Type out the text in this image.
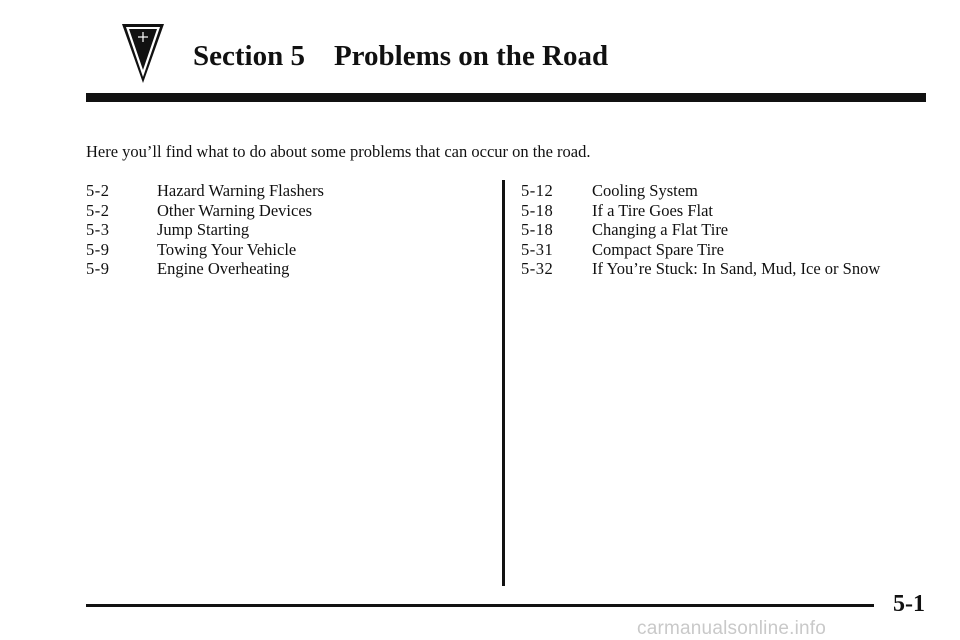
Section 5    Problems on the Road

Here you’ll find what to do about some problems that can occur on the road.

5-2	Hazard Warning Flashers
5-2	Other Warning Devices
5-3	Jump Starting
5-9	Towing Your Vehicle
5-9	Engine Overheating
5-12	Cooling System
5-18	If a Tire Goes Flat
5-18	Changing a Flat Tire
5-31	Compact Spare Tire
5-32	If You’re Stuck: In Sand, Mud, Ice or Snow

5-1

carmanualsonline.info
